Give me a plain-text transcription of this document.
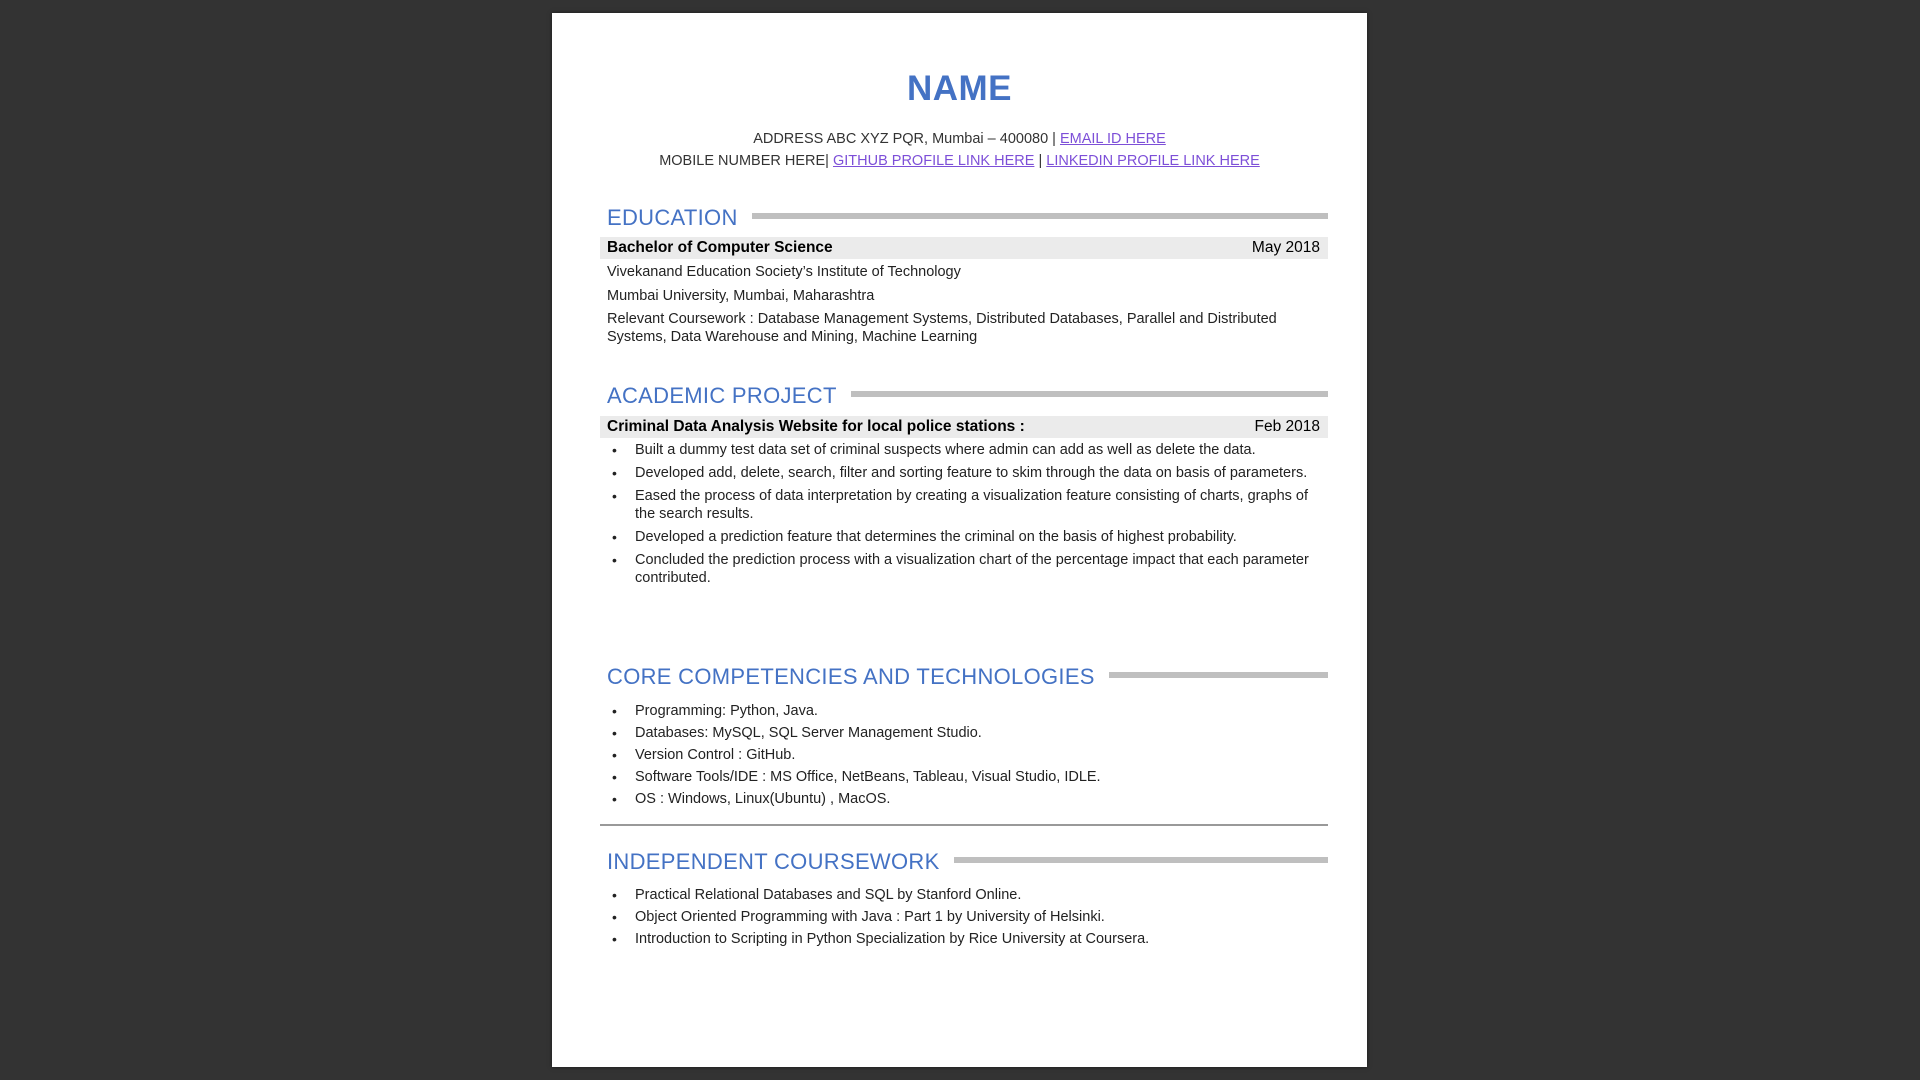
NAME
ADDRESS ABC XYZ PQR, Mumbai – 400080 | EMAIL ID HERE
MOBILE NUMBER HERE| GITHUB PROFILE LINK HERE | LINKEDIN PROFILE LINK HERE
EDUCATION
Bachelor of Computer Science	May 2018
Vivekanand Education Society’s Institute of Technology
Mumbai University, Mumbai, Maharashtra
Relevant Coursework : Database Management Systems, Distributed Databases, Parallel and Distributed Systems, Data Warehouse and Mining, Machine Learning
ACADEMIC PROJECT
Criminal Data Analysis Website for local police stations :	Feb 2018
• Built a dummy test data set of criminal suspects where admin can add as well as delete the data.
• Developed add, delete, search, filter and sorting feature to skim through the data on basis of parameters.
• Eased the process of data interpretation by creating a visualization feature consisting of charts, graphs of the search results.
• Developed a prediction feature that determines the criminal on the basis of highest probability.
• Concluded the prediction process with a visualization chart of the percentage impact that each parameter contributed.
CORE COMPETENCIES AND TECHNOLOGIES
• Programming: Python, Java.
• Databases: MySQL, SQL Server Management Studio.
• Version Control : GitHub.
• Software Tools/IDE : MS Office, NetBeans, Tableau, Visual Studio, IDLE.
• OS : Windows, Linux(Ubuntu) , MacOS.
INDEPENDENT COURSEWORK
• Practical Relational Databases and SQL by Stanford Online.
• Object Oriented Programming with Java : Part 1 by University of Helsinki.
• Introduction to Scripting in Python Specialization by Rice University at Coursera.
